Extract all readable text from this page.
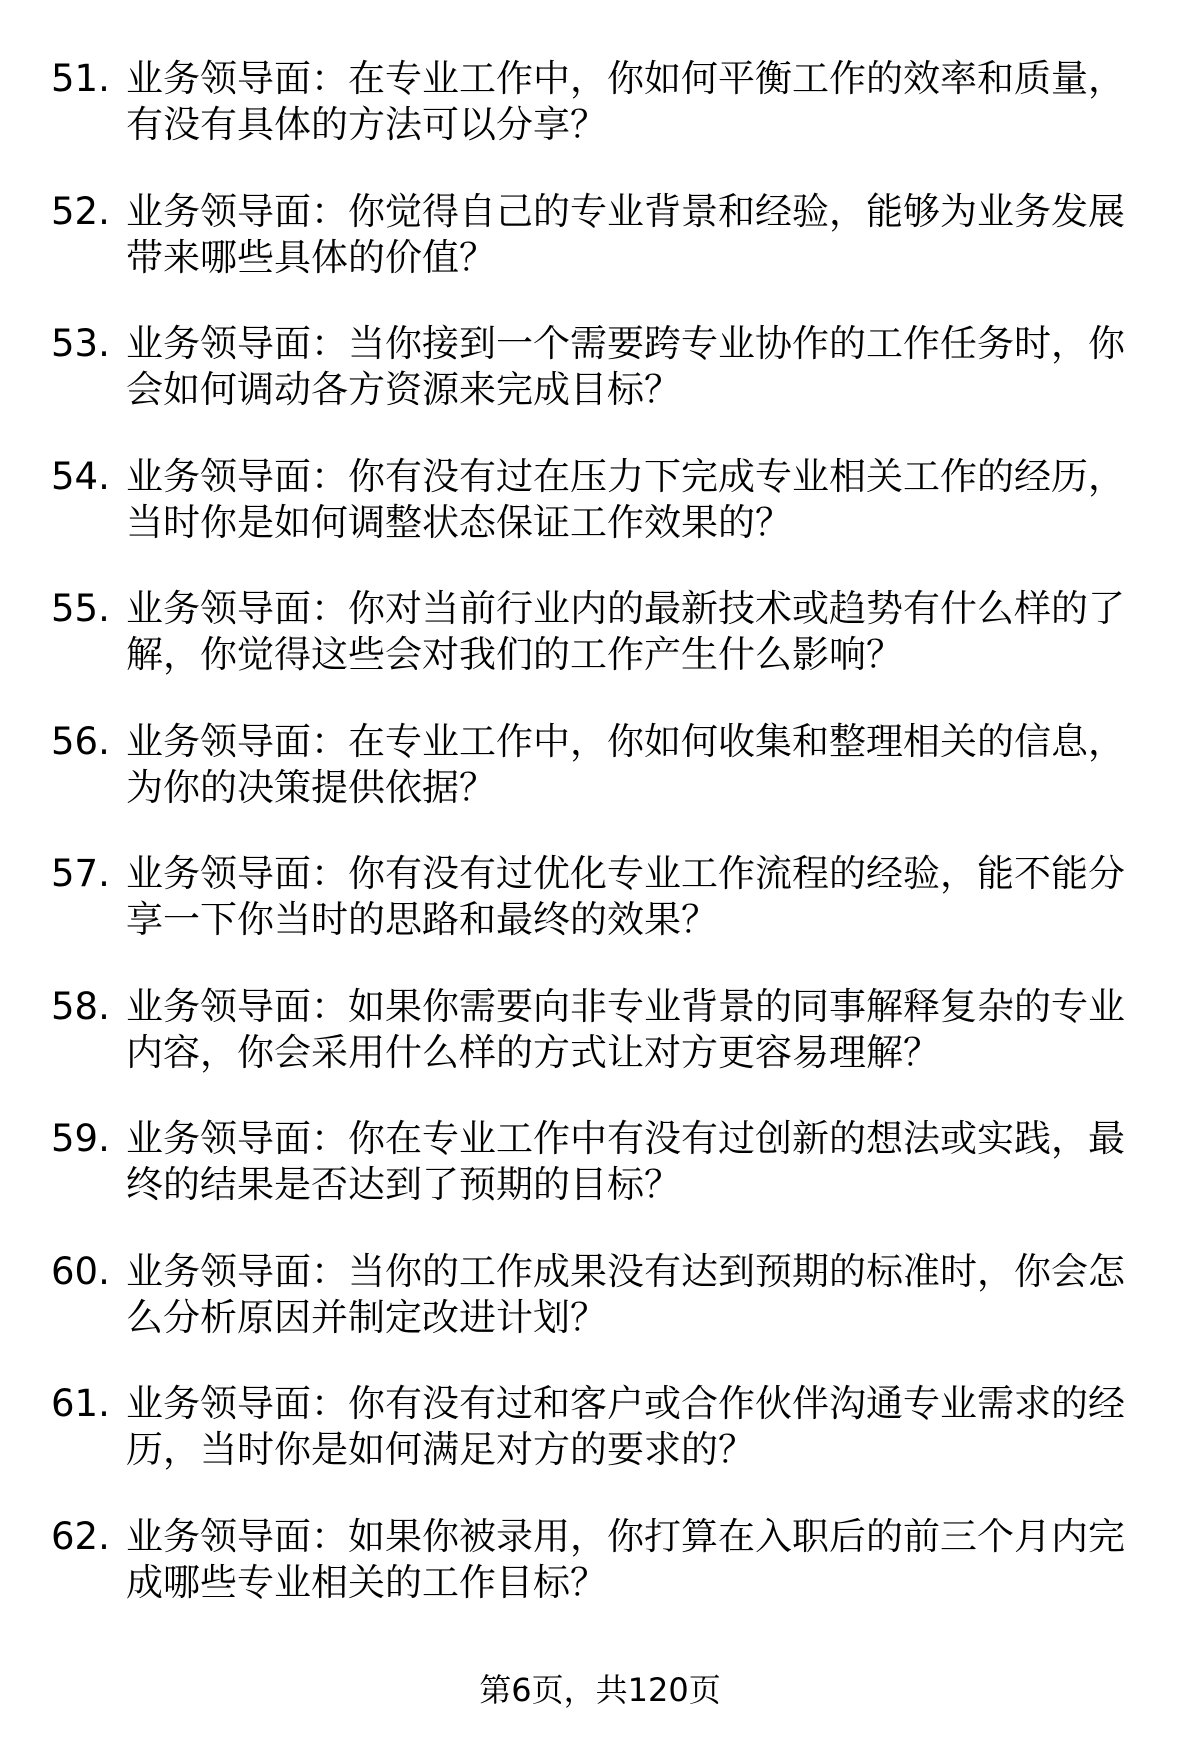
51. 业务领导面：在专业工作中，你如何平衡工作的效率和质量，有没有具体的方法可以分享？
52. 业务领导面：你觉得自己的专业背景和经验，能够为业务发展带来哪些具体的价值？
53. 业务领导面：当你接到一个需要跨专业协作的工作任务时，你会如何调动各方资源来完成目标？
54. 业务领导面：你有没有过在压力下完成专业相关工作的经历，当时你是如何调整状态保证工作效果的？
55. 业务领导面：你对当前行业内的最新技术或趋势有什么样的了解，你觉得这些会对我们的工作产生什么影响？
56. 业务领导面：在专业工作中，你如何收集和整理相关的信息，为你的决策提供依据？
57. 业务领导面：你有没有过优化专业工作流程的经验，能不能分享一下你当时的思路和最终的效果？
58. 业务领导面：如果你需要向非专业背景的同事解释复杂的专业内容，你会采用什么样的方式让对方更容易理解？
59. 业务领导面：你在专业工作中有没有过创新的想法或实践，最终的结果是否达到了预期的目标？
60. 业务领导面：当你的工作成果没有达到预期的标准时，你会怎么分析原因并制定改进计划？
61. 业务领导面：你有没有过和客户或合作伙伴沟通专业需求的经历，当时你是如何满足对方的要求的？
62. 业务领导面：如果你被录用，你打算在入职后的前三个月内完成哪些专业相关的工作目标？
第6页，共120页
